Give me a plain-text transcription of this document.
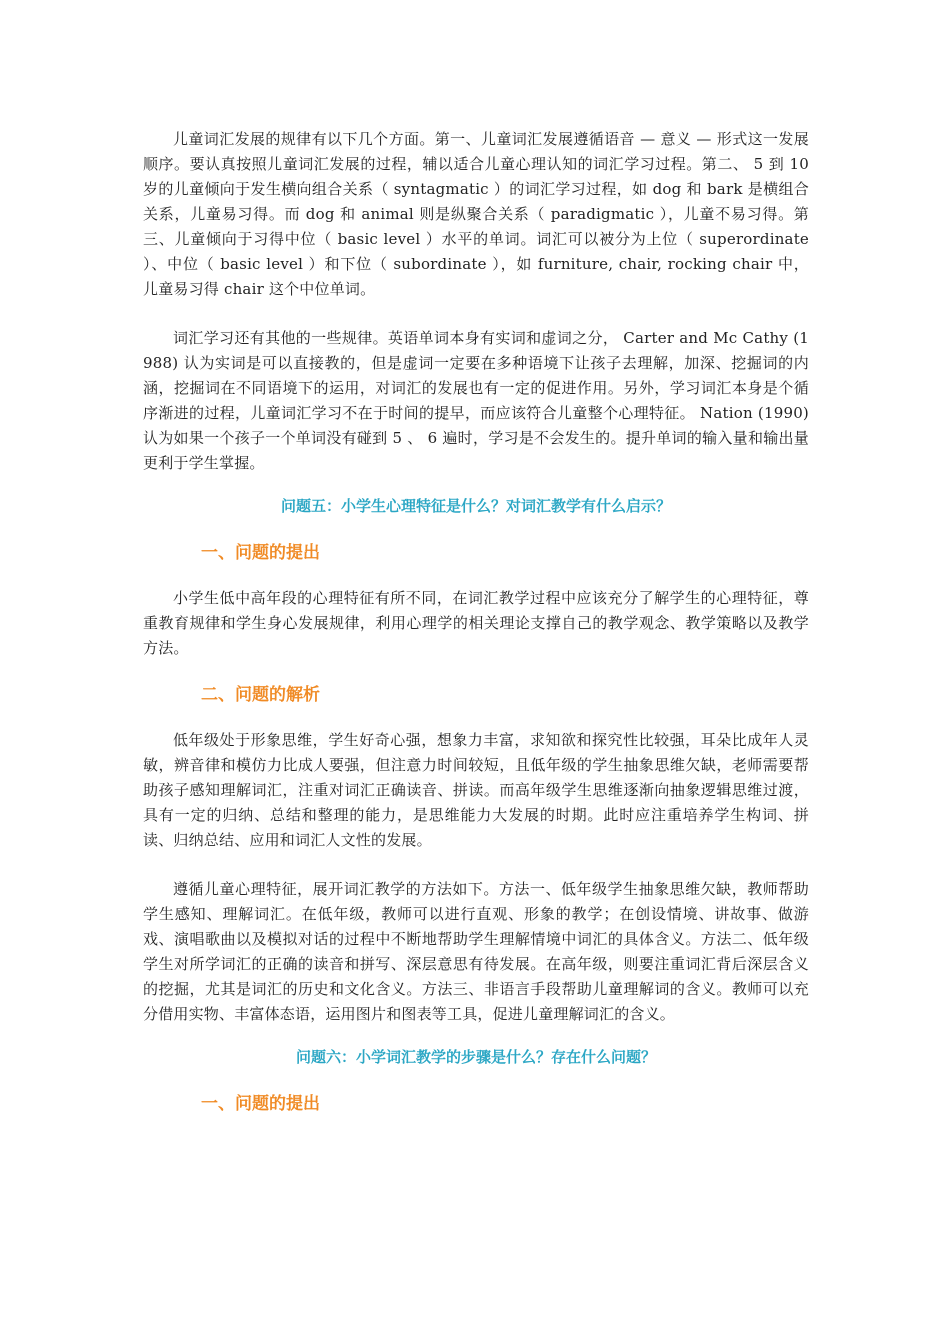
儿童词汇发展的规律有以下几个方面。第一、儿童词汇发展遵循语音 — 意义 — 形式这一发展顺序。要认真按照儿童词汇发展的过程，辅以适合儿童心理认知的词汇学习过程。第二、 5 到 10 岁的儿童倾向于发生横向组合关系（ syntagmatic ）的词汇学习过程，如 dog 和 bark 是横组合关系，儿童易习得。而 dog 和 animal 则是纵聚合关系（ paradigmatic ），儿童不易习得。第三、儿童倾向于习得中位（ basic level ）水平的单词。词汇可以被分为上位（ superordinate ）、中位（ basic level ）和下位（ subordinate ），如 furniture, chair, rocking chair 中，儿童易习得 chair 这个中位单词。

词汇学习还有其他的一些规律。英语单词本身有实词和虚词之分， Carter and Mc Cathy (1988) 认为实词是可以直接教的，但是虚词一定要在多种语境下让孩子去理解，加深、挖掘词的内涵，挖掘词在不同语境下的运用，对词汇的发展也有一定的促进作用。另外，学习词汇本身是个循序渐进的过程，儿童词汇学习不在于时间的提早，而应该符合儿童整个心理特征。 Nation (1990) 认为如果一个孩子一个单词没有碰到 5 、 6 遍时，学习是不会发生的。提升单词的输入量和输出量更利于学生掌握。

问题五：小学生心理特征是什么？对词汇教学有什么启示？

一、问题的提出

小学生低中高年段的心理特征有所不同，在词汇教学过程中应该充分了解学生的心理特征，尊重教育规律和学生身心发展规律，利用心理学的相关理论支撑自己的教学观念、教学策略以及教学方法。

二、问题的解析

低年级处于形象思维，学生好奇心强，想象力丰富，求知欲和探究性比较强，耳朵比成年人灵敏，辨音律和模仿力比成人要强，但注意力时间较短，且低年级的学生抽象思维欠缺，老师需要帮助孩子感知理解词汇，注重对词汇正确读音、拼读。而高年级学生思维逐渐向抽象逻辑思维过渡，具有一定的归纳、总结和整理的能力，是思维能力大发展的时期。此时应注重培养学生构词、拼读、归纳总结、应用和词汇人文性的发展。

遵循儿童心理特征，展开词汇教学的方法如下。方法一、低年级学生抽象思维欠缺，教师帮助学生感知、理解词汇。在低年级，教师可以进行直观、形象的教学；在创设情境、讲故事、做游戏、演唱歌曲以及模拟对话的过程中不断地帮助学生理解情境中词汇的具体含义。方法二、低年级学生对所学词汇的正确的读音和拼写、深层意思有待发展。在高年级，则要注重词汇背后深层含义的挖掘，尤其是词汇的历史和文化含义。方法三、非语言手段帮助儿童理解词的含义。教师可以充分借用实物、丰富体态语，运用图片和图表等工具，促进儿童理解词汇的含义。

问题六：小学词汇教学的步骤是什么？存在什么问题？

一、问题的提出
